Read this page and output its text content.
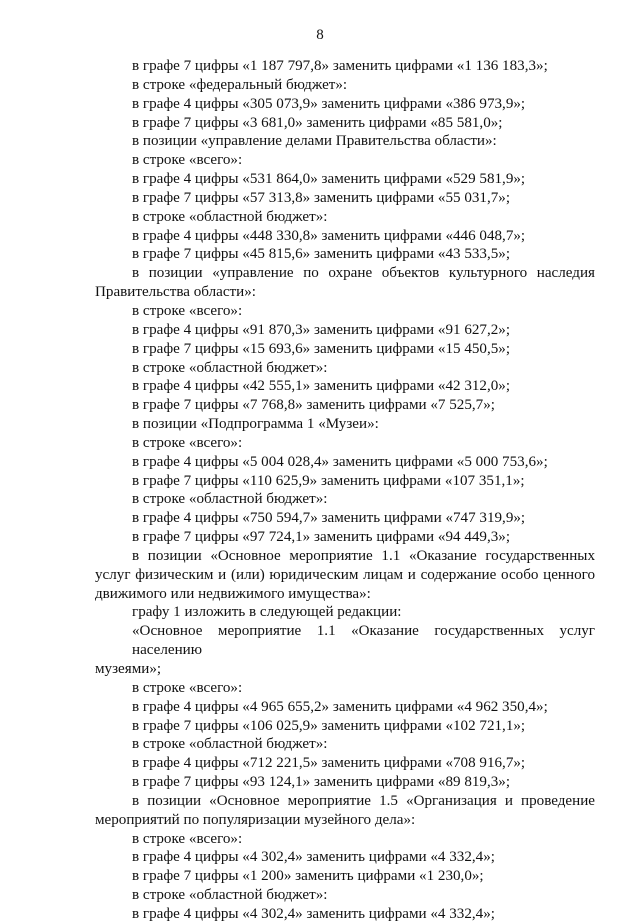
8
в графе 7 цифры «1 187 797,8» заменить цифрами «1 136 183,3»;
в строке «федеральный бюджет»:
в графе 4 цифры «305 073,9» заменить цифрами «386 973,9»;
в графе 7 цифры «3 681,0» заменить цифрами «85 581,0»;
в позиции «управление делами Правительства области»:
в строке «всего»:
в графе 4 цифры «531 864,0» заменить цифрами «529 581,9»;
в графе 7 цифры «57 313,8» заменить цифрами «55 031,7»;
в строке «областной бюджет»:
в графе 4 цифры «448 330,8» заменить цифрами «446 048,7»;
в графе 7 цифры «45 815,6» заменить цифрами «43 533,5»;
в позиции «управление по охране объектов культурного наследия
Правительства области»:
в строке «всего»:
в графе 4 цифры «91 870,3» заменить цифрами «91 627,2»;
в графе 7 цифры «15 693,6» заменить цифрами «15 450,5»;
в строке «областной бюджет»:
в графе 4 цифры «42 555,1» заменить цифрами «42 312,0»;
в графе 7 цифры «7 768,8» заменить цифрами «7 525,7»;
в позиции «Подпрограмма 1 «Музеи»:
в строке «всего»:
в графе 4 цифры «5 004 028,4» заменить цифрами «5 000 753,6»;
в графе 7 цифры «110 625,9» заменить цифрами «107 351,1»;
в строке «областной бюджет»:
в графе 4 цифры «750 594,7» заменить цифрами «747 319,9»;
в графе 7 цифры «97 724,1» заменить цифрами «94 449,3»;
в позиции «Основное мероприятие 1.1 «Оказание государственных
услуг физическим и (или) юридическим лицам и содержание особо ценного
движимого или недвижимого имущества»:
графу 1 изложить в следующей редакции:
«Основное мероприятие 1.1 «Оказание государственных услуг населению
музеями»;
в строке «всего»:
в графе 4 цифры «4 965 655,2» заменить цифрами «4 962 350,4»;
в графе 7 цифры «106 025,9» заменить цифрами «102 721,1»;
в строке «областной бюджет»:
в графе 4 цифры «712 221,5» заменить цифрами «708 916,7»;
в графе 7 цифры «93 124,1» заменить цифрами «89 819,3»;
в позиции «Основное мероприятие 1.5 «Организация и проведение
мероприятий по популяризации музейного дела»:
в строке «всего»:
в графе 4 цифры «4 302,4» заменить цифрами «4 332,4»;
в графе 7 цифры «1 200» заменить цифрами «1 230,0»;
в строке «областной бюджет»:
в графе 4 цифры «4 302,4» заменить цифрами «4 332,4»;
